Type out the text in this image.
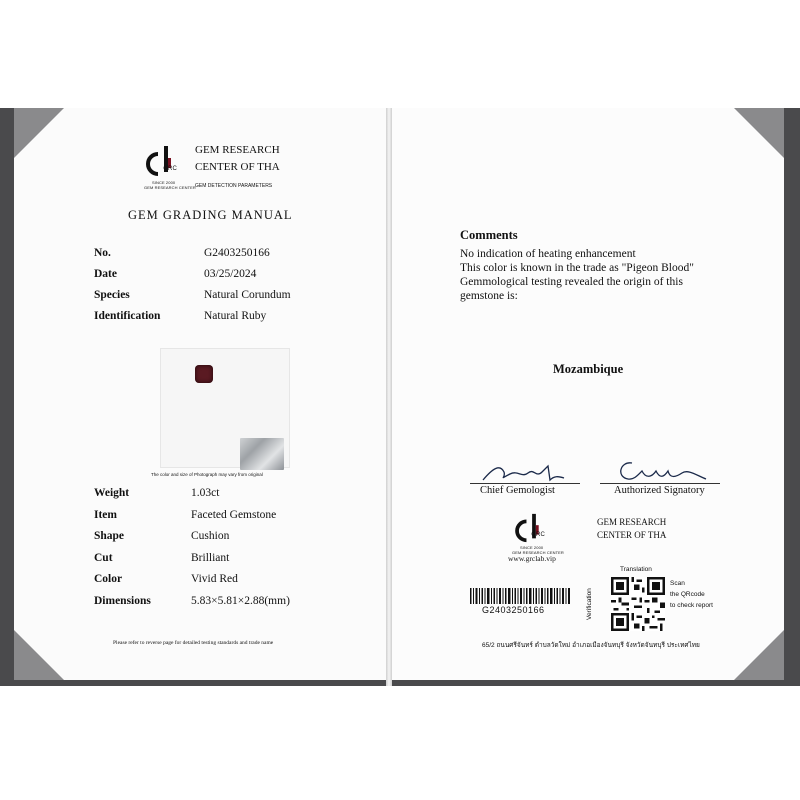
GRC
SINCE 2000
GEM RESEARCH CENTER
GEM RESEARCH
CENTER OF THA
GEM DETECTION PARAMETERS
GEM GRADING MANUAL
No.	G2403250166
Date	03/25/2024
Species	Natural Corundum
Identification	Natural Ruby
The color and size of Photograph may vary from original
Weight	1.03ct
Item	Faceted Gemstone
Shape	Cushion
Cut	Brilliant
Color	Vivid Red
Dimensions	5.83×5.81×2.88(mm)
Please refer to reverse page for detailed testing standards and trade name
Comments
No indication of heating enhancement
This color is known in the trade as "Pigeon Blood"
Gemmological testing revealed the origin of this
gemstone is:
Mozambique
Chief Gemologist	Authorized Signatory
GRC
SINCE 2000
GEM RESEARCH CENTER
www.grclab.vip
GEM RESEARCH
CENTER OF THA
G2403250166
Translation
Verification
Scan
the QRcode
to check report
65/2 ถนนศรีจันทร์ ตำบลวัดใหม่ อำเภอเมืองจันทบุรี จังหวัดจันทบุรี ประเทศไทย
